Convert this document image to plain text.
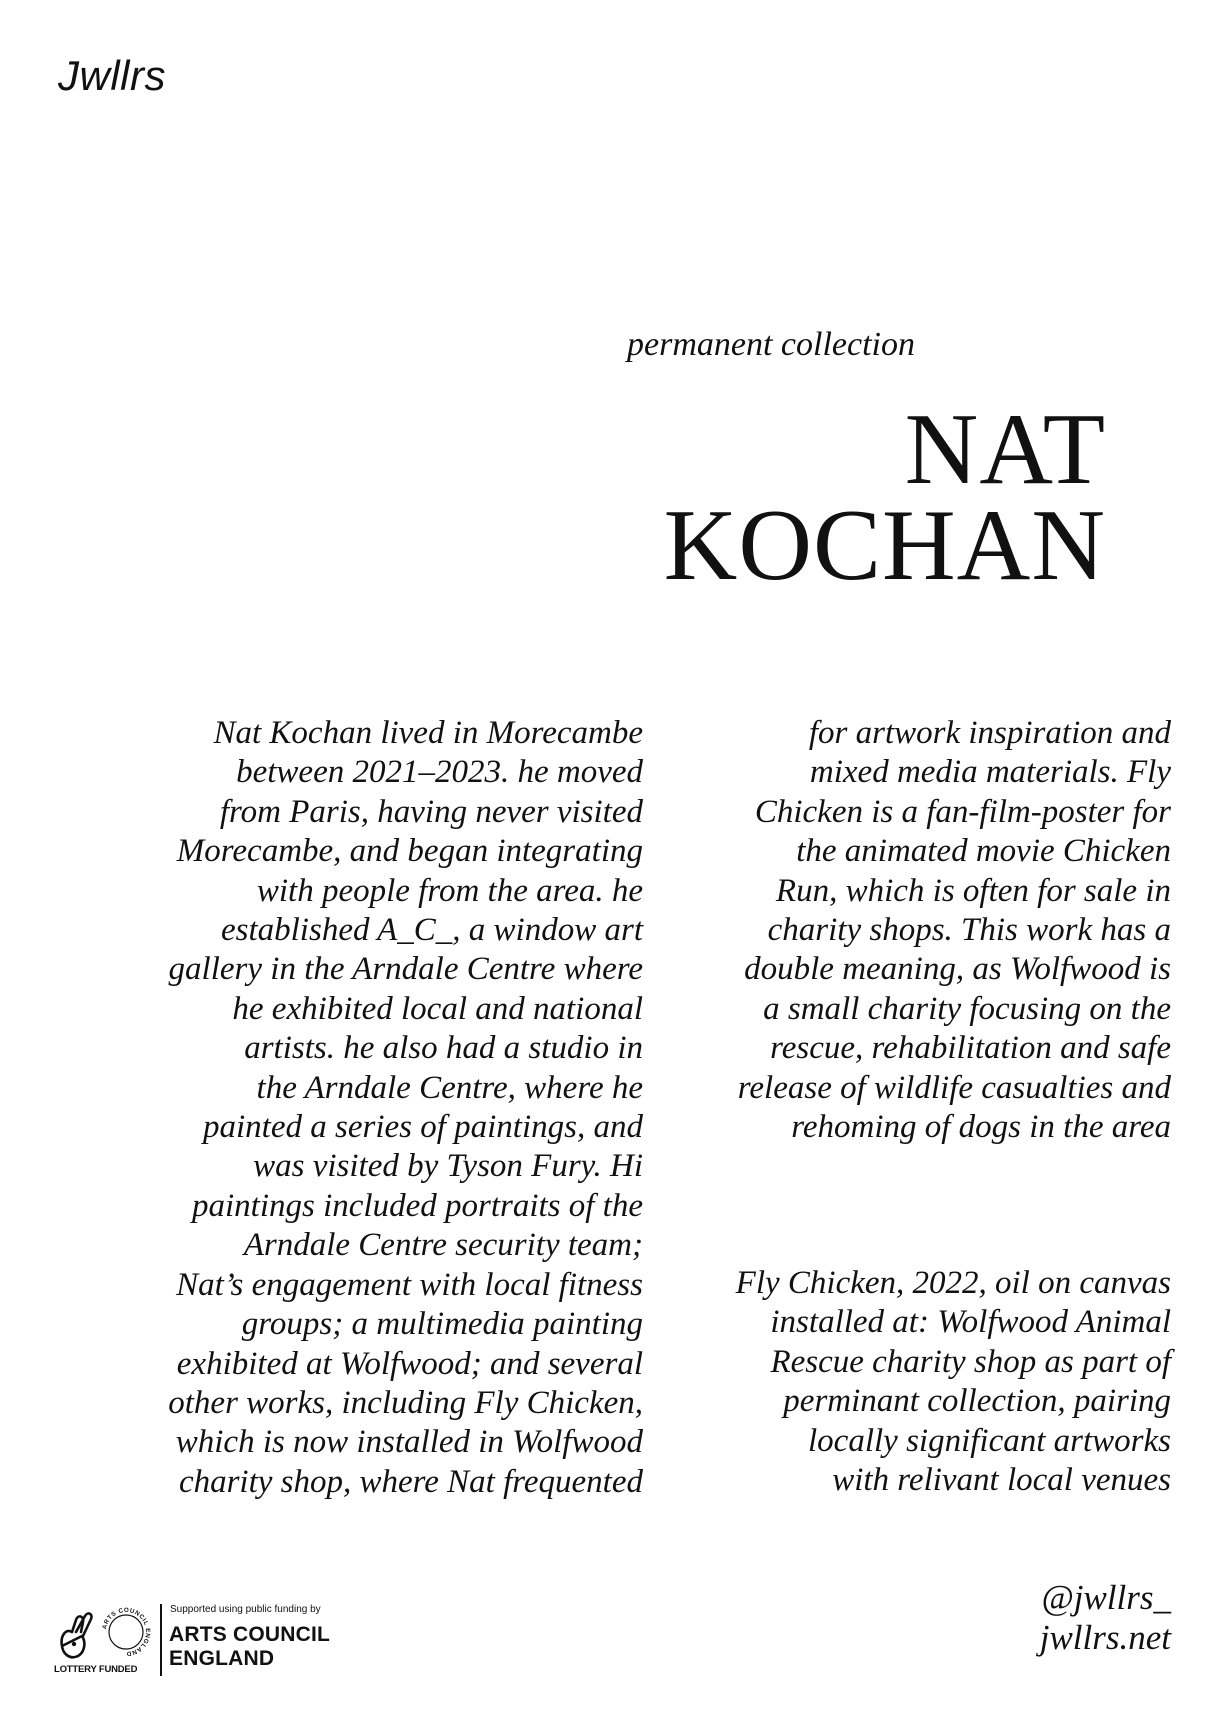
Jwllrs
permanent collection
NAT
KOCHAN
Nat Kochan lived in Morecambe
between 2021–2023. he moved
from Paris, having never visited
Morecambe, and began integrating
with people from the area. he
established A_C_, a window art
gallery in the Arndale Centre where
he exhibited local and national
artists. he also had a studio in
the Arndale Centre, where he
painted a series of paintings, and
was visited by Tyson Fury. Hi
paintings included portraits of the
Arndale Centre security team;
Nat’s engagement with local fitness
groups; a multimedia painting
exhibited at Wolfwood; and several
other works, including Fly Chicken,
which is now installed in Wolfwood
charity shop, where Nat frequented
for artwork inspiration and
mixed media materials. Fly
Chicken is a fan-film-poster for
the animated movie Chicken
Run, which is often for sale in
charity shops. This work has a
double meaning, as Wolfwood is
a small charity focusing on the
rescue, rehabilitation and safe
release of wildlife casualties and
rehoming of dogs in the area
Fly Chicken, 2022, oil on canvas
installed at: Wolfwood Animal
Rescue charity shop as part of
perminant collection, pairing
locally significant artworks
with relivant local venues
ARTS COUNCIL ENGLAND
LOTTERY FUNDED
Supported using public funding by
ARTS COUNCIL
ENGLAND
@jwllrs_
jwllrs.net
